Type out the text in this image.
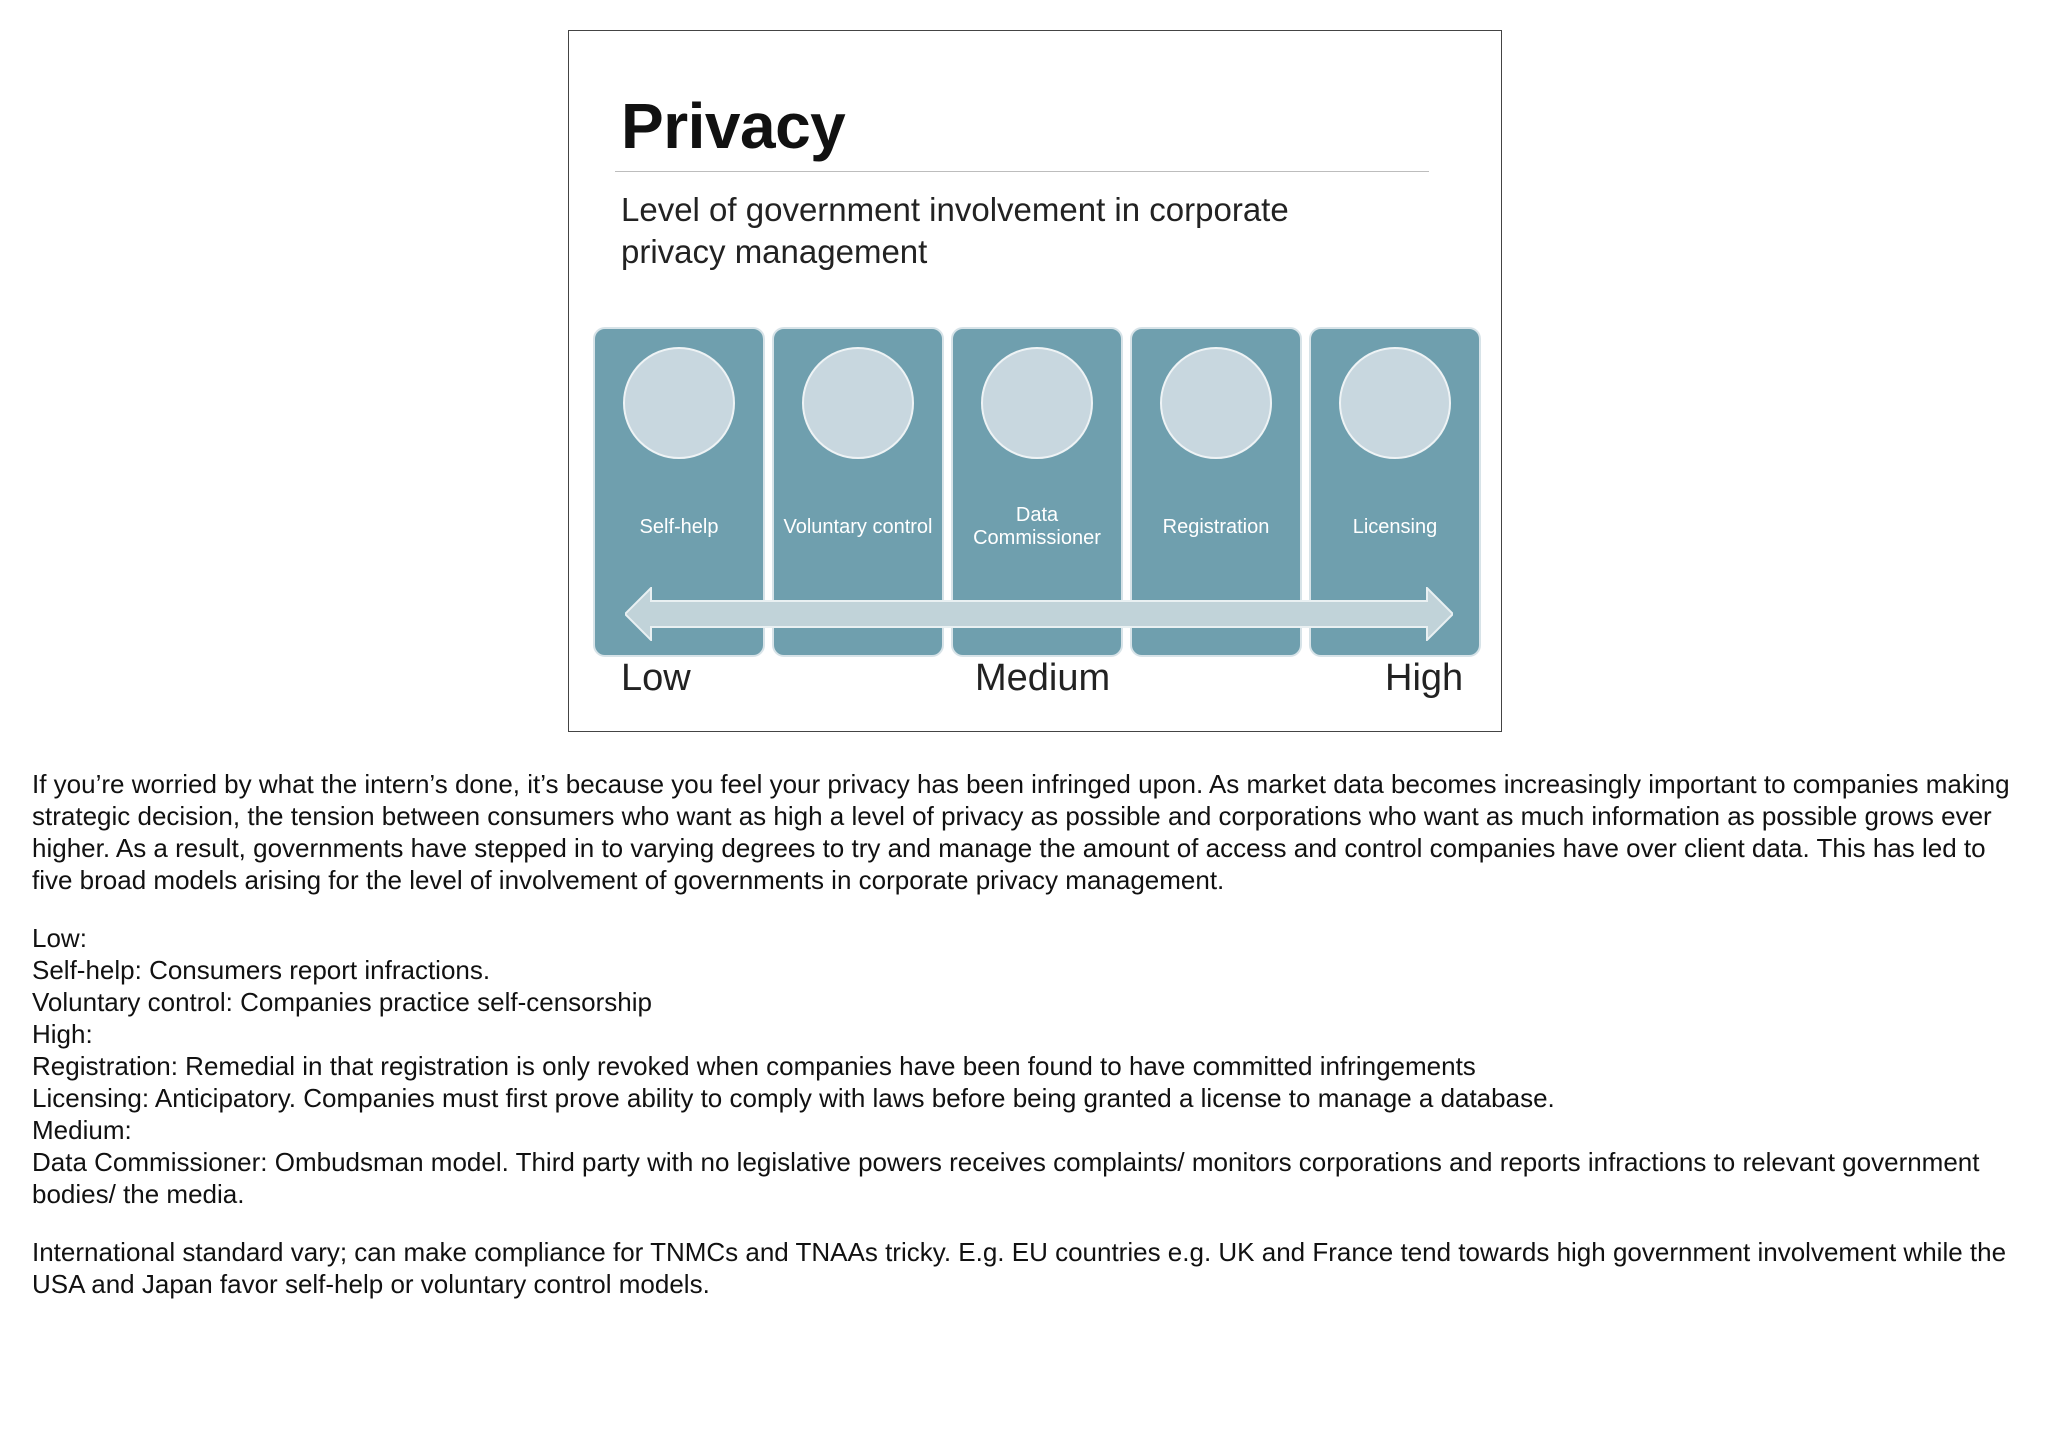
Privacy

Level of government involvement in corporate privacy management

Self-help	Voluntary control
Data Commissioner
Registration	Licensing
Low	Medium	High

If you’re worried by what the intern’s done, it’s because you feel your privacy has been infringed upon. As market data becomes increasingly important to companies making strategic decision, the tension between consumers who want as high a level of privacy as possible and corporations who want as much information as possible grows ever higher. As a result, governments have stepped in to varying degrees to try and manage the amount of access and control companies have over client data. This has led to five broad models arising for the level of involvement of governments in corporate privacy management.

Low:

Self-help: Consumers report infractions.

Voluntary control: Companies practice self-censorship

High:

Registration: Remedial in that registration is only revoked when companies have been found to have committed infringements

Licensing: Anticipatory. Companies must first prove ability to comply with laws before being granted a license to manage a database.

Medium:

Data Commissioner: Ombudsman model. Third party with no legislative powers receives complaints/ monitors corporations and reports infractions to relevant government bodies/ the media.

International standard vary; can make compliance for TNMCs and TNAAs tricky. E.g. EU countries e.g. UK and France tend towards high government involvement while the USA and Japan favor self-help or voluntary control models.
